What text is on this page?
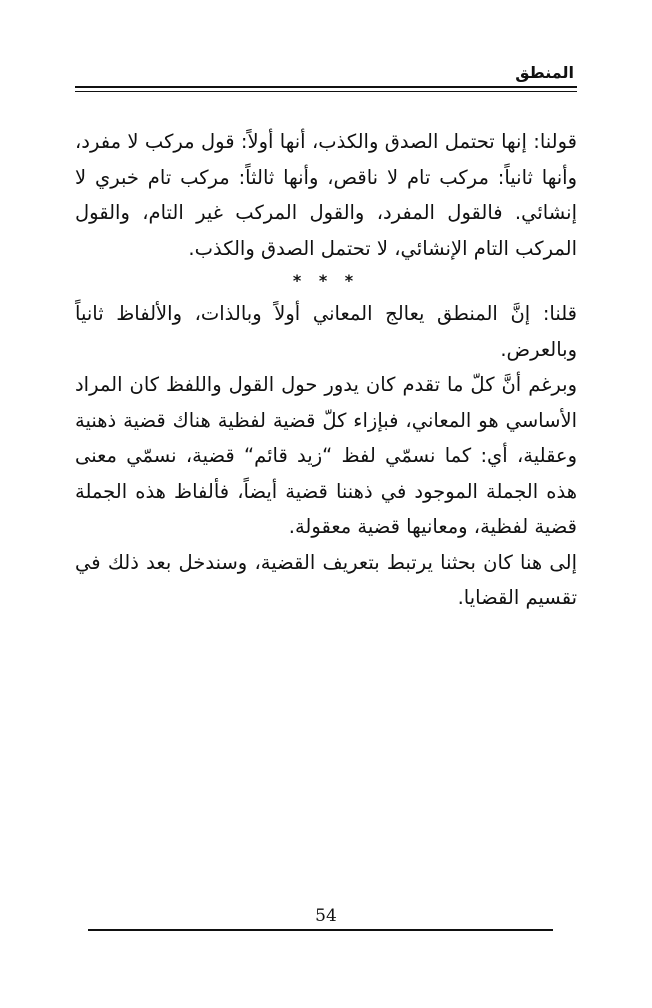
المنطق

قولنا: إنها تحتمل الصدق والكذب، أنها أولاً: قول مركب لا مفرد، وأنها ثانياً: مركب تام لا ناقص، وأنها ثالثاً: مركب تام خبري لا إنشائي. فالقول المفرد، والقول المركب غير التام، والقول المركب التام الإنشائي، لا تحتمل الصدق والكذب.

* * *

قلنا: إنَّ المنطق يعالج المعاني أولاً وبالذات، والألفاظ ثانياً وبالعرض.

وبرغم أنَّ كلّ ما تقدم كان يدور حول القول واللفظ كان المراد الأساسي هو المعاني، فبإزاء كلّ قضية لفظية هناك قضية ذهنية وعقلية، أي: كما نسمّي لفظ “زيد قائم“ قضية، نسمّي معنى هذه الجملة الموجود في ذهننا قضية أيضاً، فألفاظ هذه الجملة قضية لفظية، ومعانيها قضية معقولة.

إلى هنا كان بحثنا يرتبط بتعريف القضية، وسندخل بعد ذلك في تقسيم القضايا.

54
